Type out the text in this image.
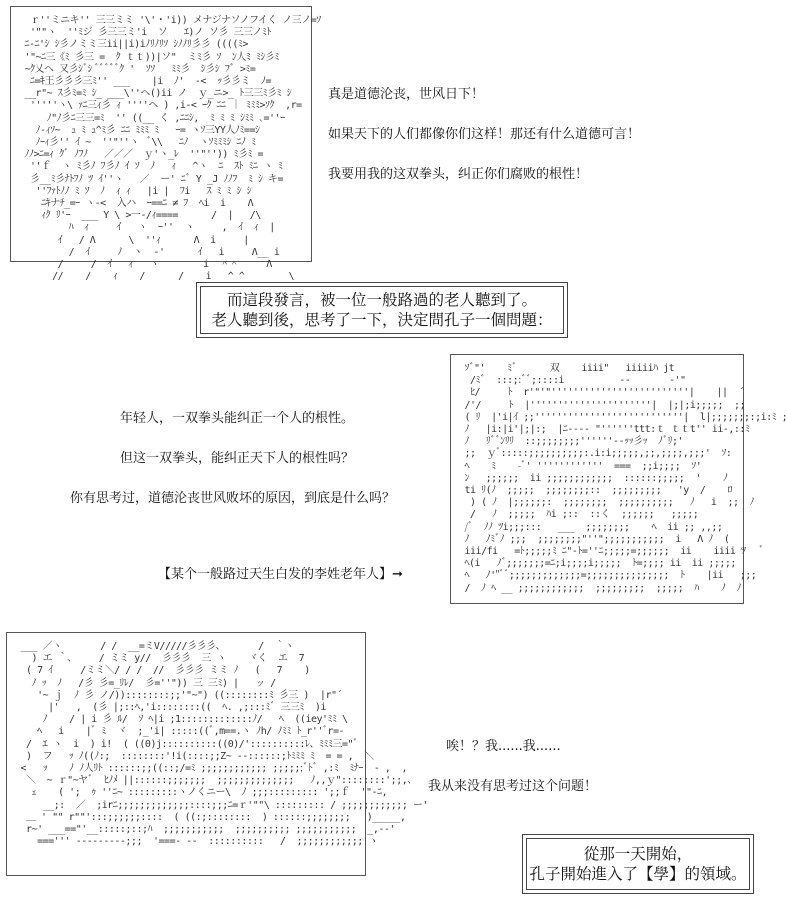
ｒ''ミニキ'' 三三ミミ '\'・'i)) メナジナソノフイく ノ三ノ=ｿ
'""ヽ  ''ﾐジ 彡三三ミ'i  ソ   ｴ)ノ ソ彡 三三ノﾐﾄ
ﾆ-ﾆ'ｼ ｼ彡ノミミ三ii||i)iﾉﾘﾉﾘｿ ｼﾉﾉﾘ彡彡 ((((ﾐ>
'"~ﾆ三《ﾐ 彡三 =  ｸ ｔｔ))|ソ"  ミﾐ彡 ｿ  ﾝ人ﾐ ﾐｼ彡ﾐ
~ｸ乂ヘ 又彡ｼﾞｼ ﾞﾞﾞﾞﾞｸ '  ｿｿ   ﾐﾐ彡  ｼ彡ｼ ﾌﾞ >ﾐ=
ﾆ=ｷ王彡彡彡三ﾐ'' ___    |i  ﾉ'  -<  ｯ彡彡ミ  ﾉ=
__r"~ ｽ彡ﾐ=ﾐ ｼ_ ___\''ヘ()ii ノ  ｙ_ニ>_ ﾄ三三ﾐ彡ﾐ ｼ
'''''ヽ\ ｧﾆ三ｨ彡 ｨ ''''ヘ ) ,i-< ｰｸ ﾆﾆ ｜ ﾐﾐﾐ>ｿｸ  ,r=
ﾉ"ﾉ彡ﾆ三三=ﾐ  '' ((__ く ,ﾆﾆｼ,  ﾐ ﾐ ﾐ ｼﾐﾐ ､=''ｰ
ﾉ-ｨｿ~  ｭ ﾐ ｭ^ﾐ彡 ﾆﾆ ﾐﾐﾐ ﾐ   ｰ= ヽｿ三YY人ﾉﾐ==ｼ
ﾉｰｨ彡'' ｲ ~  ''"''ヽ  ﾞ\\   ﾆﾉ  ヽｿﾐﾐﾐｼ ﾆﾉ ﾐ
ﾉﾉ>ﾆ=ｨ ｸﾞ ﾉﾌﾉ   ／／／  ｙ'ヽ_ﾚ  ''"'')) ﾐ彡ﾐ =
''ｆ  ヽ ﾐ彡ﾉ ﾌ彡ﾉ ｲ ｿ  ﾉ   ｨ   ^ヽ  ﾆ  ｽﾄ ﾐﾆ ヽ ﾐ
彡__ﾐ彡ﾅﾄﾌﾉ ﾂ ｲ''ヽ   ／  ー' ﾆﾞ Y _J ﾉﾉﾌ  ﾐ ｼ キ=
''ﾌｧﾄﾉﾉ ﾐ ｿ  ﾉ  ｨ ｨ   |i |  ﾌi   ｽ ﾐ ﾐ ｼ ｼ
ﾆｷナﾁ_=ｰ ヽ-<  入ハ  ｰ==ﾆ ≠ ﾌ  ﾍi  i    Λ
ｨｸ ﾘ'ｰ  ___ Y \ >一-/ｨ====      /  |   /\
ﾊ  ｨ     ｲ   ヽ  ｰ''  ヽ     ,  ｲ  ｨ  |
ｲ   / Λ      \  ''ｨ      Λ  i     |
/  ｲ     ﾉ  ヽ  -'      ｲ   i     Λ__ i
/     /  ｲ   ｨ   ヽ        i  ＾＾     Λ
//    /    ｨ    /      /    i   ^ ^        \

真是道德沦丧，世风日下！

如果天下的人们都像你们这样！那还有什么道德可言！

我要用我的这双拳头，纠正你们腐败的根性！

而這段發言，被一位一般路過的老人聽到了。
老人聽到後，思考了一下，決定問孔子一個問題：

年轻人，一双拳头能纠正一个人的根性。

但这一双拳头，能纠正天下人的根性吗？

你有思考过，道德沦丧世风败坏的原因，到底是什么吗？

【某个一般路过天生白发的李姓老年人】➞
ｿﾞ"'    ﾐﾞ      双    iiii"   iiiiiﾊ jt
/ﾐﾞ  :::;:ﾞﾞ;::::i          --       -'"
ﾋ/     ﾄ  r'"'"'''''''''''''''''''''''''|    ||  ´
/'/     ﾄ  |''''''''''''''''''''''|  |;|;i;;;;;  ;;
( ﾘ  |'i|ｲ ;;'''''''''''''''''''''''''''|  l|;;;;;;;:;i:ﾐ ;
ﾉ   |i:|i'|;|:;  |ﾆ---- "''''''ttt:ｔ ｔｔt'' ii-,::ﾐ
ﾉ   ﾘﾞﾞﾝﾘﾘ  ::;;;;;;;;''''''--ｯｯ彡ｯ  ﾉﾞﾘ;'
;;  ｙﾞ:::::;;;;;;;;;;:.i:i;;;;;,;;,;;;;,;;;'  ｿ:
ﾍ    ﾐ    -ﾞ' ''''''''''''  ===  ;;i;;;;  ｿ'
ﾝ   ;;;;;;  ii ;;;;;;;;;;;;  ::::::;;;;;  '    ﾉ
ti ﾘ(ﾉ  ;;;;;  ;;;;;;;;::  ;;;;;;;;;   'y  /    ﾛ
) ( ﾉ  |;;;;;;:  ;;;;;;;;  ;;;;;;;;;;   ﾉ   i  ;;  ﾉ
/   ﾉ  ;;;;;  ﾊi ;::  ::く  ;;;;;;   ;;;;;
/ﾞ  ﾉﾉ ﾂi;;;:::   ___  ;;;;;;;;    ﾍ  ii ;; ,,;;
ﾉ   ﾉﾐﾞﾉ ;;;  ;;;;;;;;"''";;;;;;;;;;;  i   Λ ﾉ  (
iii/fi   =ﾄ;;;;;ﾐ ﾆ"-ﾄ=''ﾆ;;;;;=;;;;;;  ii    iiii ﾂ   ﾞ
ﾍ(i   ﾉﾞ;;;;;;;=ﾆ;i;;;;i;;;;;  ﾄ=;;;; ii  ii ;;;;;
ﾍ   ﾉ'"ﾞﾞ;;;;;;;;;;;;;=;;;;;;;;;;;;;;;  ﾄ    |ii   ;;;
/  ﾉ ﾍ __ ;;;;;;;;;;;;  ;;;;;;;;;  ;;;;;  ﾊ    ﾉ  ﾉ
___ ／ヽ       / /  __=ミV/////彡彡彡、      /  ｀ヽ
) エ ｀、    / ミミ y//  彡彡彡  三 ヽ    ヾく  エ  7
( 7 ｲ     /ミミ＼/ / /  //  彡彡彡 ミミ ﾉ   (   7    )
ﾉ ｯ  ﾉ   /彡 彡=_ﾘﾚ/  彡=''")) 三 三ﾐ) |   ッ /
'~ ｊ  ﾉ 彡 ノ/))::::::::;;'"~") ((::::::::ﾐ 彡三 )  |r"´
|'   ,  (彡 |;::ﾍ,'i::::::::((  ﾍ. ,;:::ﾐﾞ 三三ﾐ  )i
ﾉ    / | i 彡 ﾙ/  ｿ ﾍ|i ;1:::::::::::::ﾉ/   ﾍ  ((iey'ﾐﾐ \
ﾍ   i    |ﾞ ﾐ  ヾ  ;_'i| :::::((ﾞ,m==.ヽ ﾉh/ ﾉﾐﾐ ﾄ_r''ﾞr=-
/  ｴ ヽ  i  ) i!  ( ((0)j::::::::::((0)/'::::::::::ﾚ、ﾐﾐﾐ三="ﾞ
)  フ   ｯ ﾉ((ﾉ:;  ::::::::'!i(::::;;Z~ --::::::;ﾄﾐﾐﾐ ﾐ  = = ,  ＼
<   ｯ    ﾉ ﾉ人ﾘﾄ ::::::;;((::;/=ﾐ ;;;;;;;;;;;; ;;;;;;ﾞﾄﾞ ,:ﾐ  ﾐﾅｰ  - ,  ,
＼  ~ ｒ"~ヤﾞ  ﾋﾉﾒ ||::::::;;;;;;;  ;;;;;;;;;;;;;;   ﾉ,,ｙ"::::::::';;,、
ｪ    ( ';  ｩ ''ﾆ~ :::::::::ヽノくニー\  ﾉ ;;;::::::::: ';;ｆ  '"-ﾆ,
__;:  ／  ;irﾆ;;;;;;;;;;;;;::::;;;ﾆ=ｒ'""\ ::::::::: / ;;;;;;;;;;;; ー'
＿ ' "" r""':::;;;;;;::::  ( ((:;::::::::  ) ::::::;;;;;;;;   )_____,
r~' ___=="'__:::::;::;ﾊ  ;;;;;;;;;;;  ;;;;;;;;;; ;;;;;;;;;;;  _,--'
===''' ---------;;;  '===- --  ::::::::::   /  ;;;;;;;;;;;; ヽ

唉！？我......我......

我从来没有思考过这个问题！

從那一天開始，
孔子開始進入了【學】的領域。
